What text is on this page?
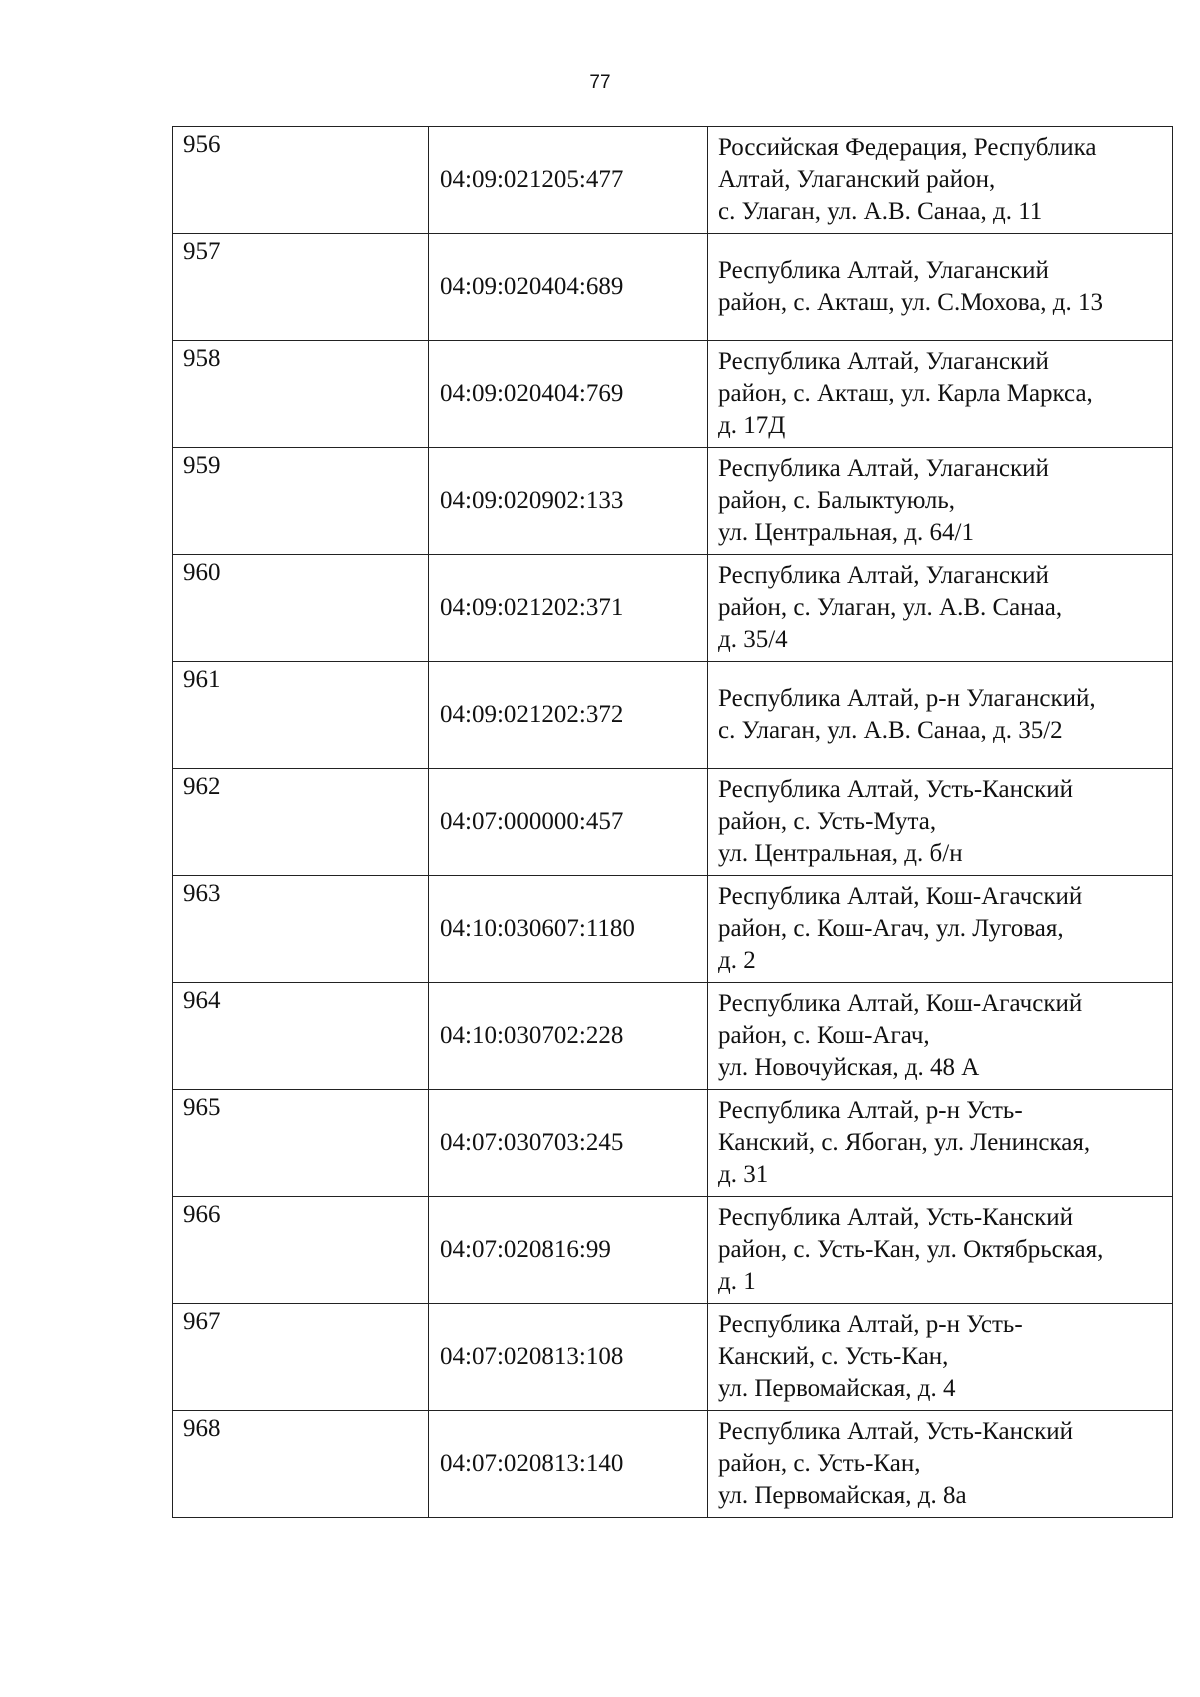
77
956	04:09:021205:477	Российская Федерация, Республика
Алтай, Улаганский район,
с. Улаган, ул. А.В. Санаа, д. 11

957	04:09:020404:689	Республика Алтай, Улаганский
район, с. Акташ, ул. С.Мохова, д. 13

958	04:09:020404:769	Республика Алтай, Улаганский
район, с. Акташ, ул. Карла Маркса,
д. 17Д

959	04:09:020902:133	Республика Алтай, Улаганский
район, с. Балыктуюль,
ул. Центральная, д. 64/1

960	04:09:021202:371	Республика Алтай, Улаганский
район, с. Улаган, ул. А.В. Санаа,
д. 35/4

961	04:09:021202:372	Республика Алтай, р-н Улаганский,
с. Улаган, ул. А.В. Санаа, д. 35/2

962	04:07:000000:457	Республика Алтай, Усть-Канский
район, с. Усть-Мута,
ул. Центральная, д. б/н

963	04:10:030607:1180	Республика Алтай, Кош-Агачский
район, с. Кош-Агач, ул. Луговая,
д. 2

964	04:10:030702:228	Республика Алтай, Кош-Агачский
район, с. Кош-Агач,
ул. Новочуйская, д. 48 А

965	04:07:030703:245	Республика Алтай, р-н Усть-
Канский, с. Ябоган, ул. Ленинская,
д. 31

966	04:07:020816:99	Республика Алтай, Усть-Канский
район, с. Усть-Кан, ул. Октябрьская,
д. 1

967	04:07:020813:108	Республика Алтай, р-н Усть-
Канский, с. Усть-Кан,
ул. Первомайская, д. 4

968	04:07:020813:140	Республика Алтай, Усть-Канский
район, с. Усть-Кан,
ул. Первомайская, д. 8а
